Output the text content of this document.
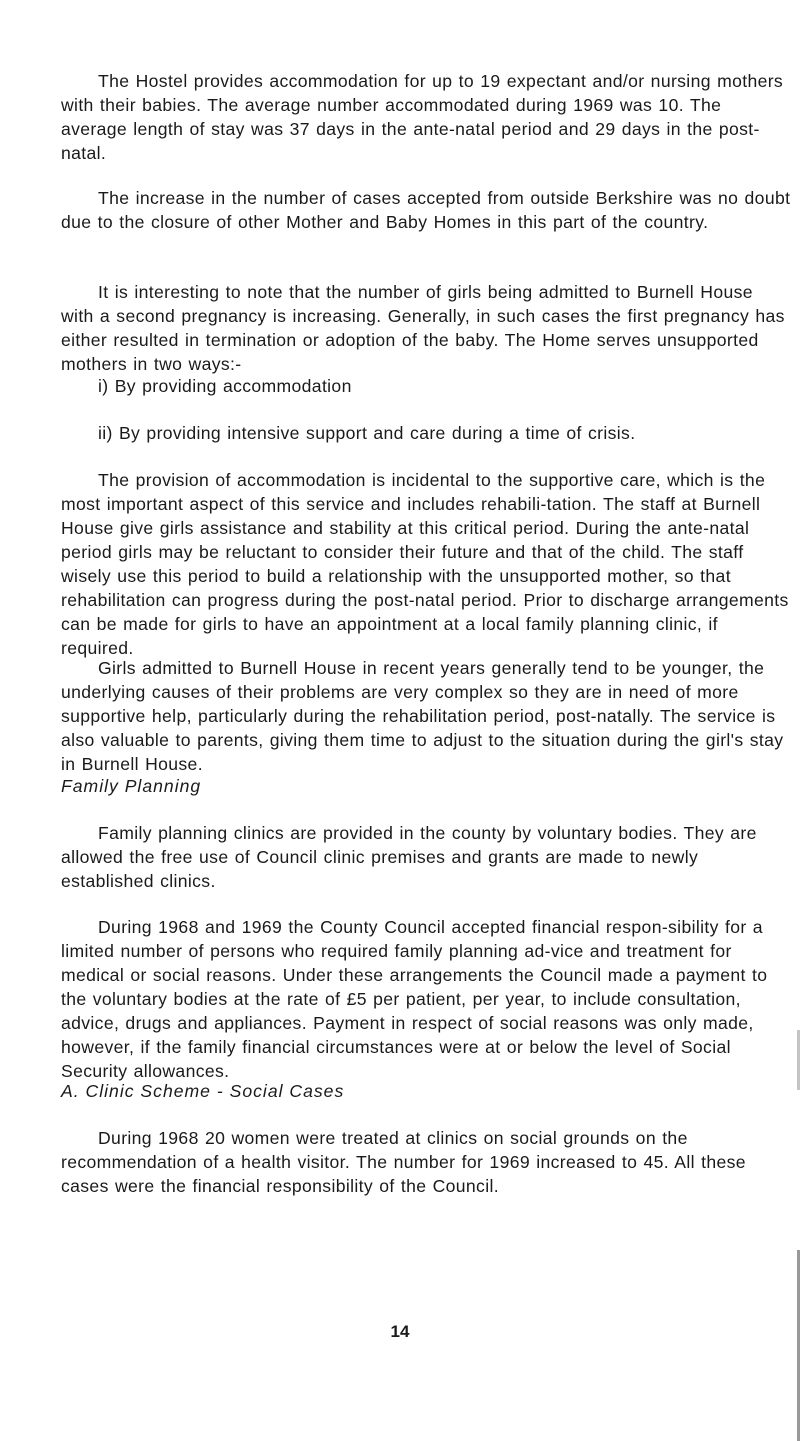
The Hostel provides accommodation for up to 19 expectant and/or nursing mothers with their babies. The average number accommodated during 1969 was 10. The average length of stay was 37 days in the ante-natal period and 29 days in the post-natal.

The increase in the number of cases accepted from outside Berkshire was no doubt due to the closure of other Mother and Baby Homes in this part of the country.

It is interesting to note that the number of girls being admitted to Burnell House with a second pregnancy is increasing. Generally, in such cases the first pregnancy has either resulted in termination or adoption of the baby. The Home serves unsupported mothers in two ways:-

i) By providing accommodation

ii) By providing intensive support and care during a time of crisis.

The provision of accommodation is incidental to the supportive care, which is the most important aspect of this service and includes rehabili-tation. The staff at Burnell House give girls assistance and stability at this critical period. During the ante-natal period girls may be reluctant to consider their future and that of the child. The staff wisely use this period to build a relationship with the unsupported mother, so that rehabilitation can progress during the post-natal period. Prior to discharge arrangements can be made for girls to have an appointment at a local family planning clinic, if required.

Girls admitted to Burnell House in recent years generally tend to be younger, the underlying causes of their problems are very complex so they are in need of more supportive help, particularly during the rehabilitation period, post-natally. The service is also valuable to parents, giving them time to adjust to the situation during the girl's stay in Burnell House.

Family Planning

Family planning clinics are provided in the county by voluntary bodies. They are allowed the free use of Council clinic premises and grants are made to newly established clinics.

During 1968 and 1969 the County Council accepted financial respon-sibility for a limited number of persons who required family planning ad-vice and treatment for medical or social reasons. Under these arrangements the Council made a payment to the voluntary bodies at the rate of £5 per patient, per year, to include consultation, advice, drugs and appliances. Payment in respect of social reasons was only made, however, if the family financial circumstances were at or below the level of Social Security allowances.

A. Clinic Scheme - Social Cases

During 1968 20 women were treated at clinics on social grounds on the recommendation of a health visitor. The number for 1969 increased to 45. All these cases were the financial responsibility of the Council.

14
